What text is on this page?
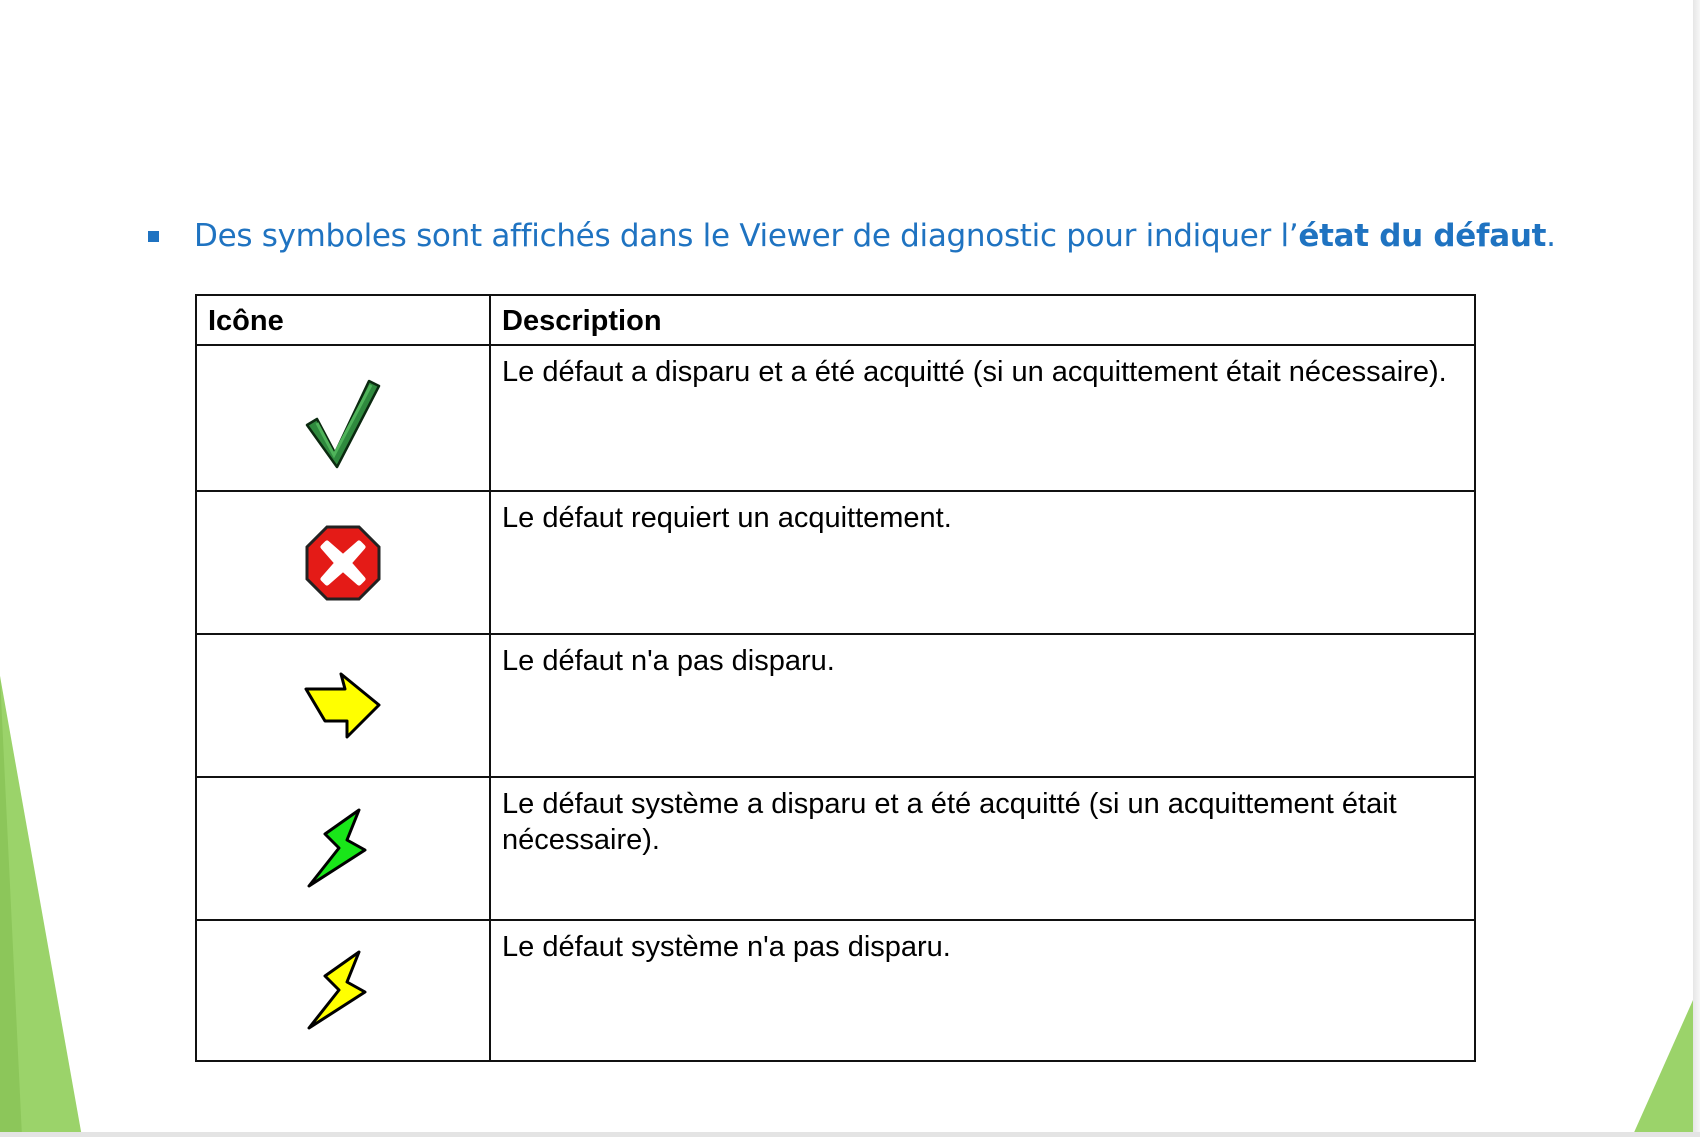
Des symboles sont affichés dans le Viewer de diagnostic pour indiquer l’état du défaut.
Icône	Description

	Le défaut a disparu et a été acquitté (si un acquittement était nécessaire).

	Le défaut requiert un acquittement.

	Le défaut n'a pas disparu.

	Le défaut système a disparu et a été acquitté (si un acquittement était nécessaire).

	Le défaut système n'a pas disparu.
